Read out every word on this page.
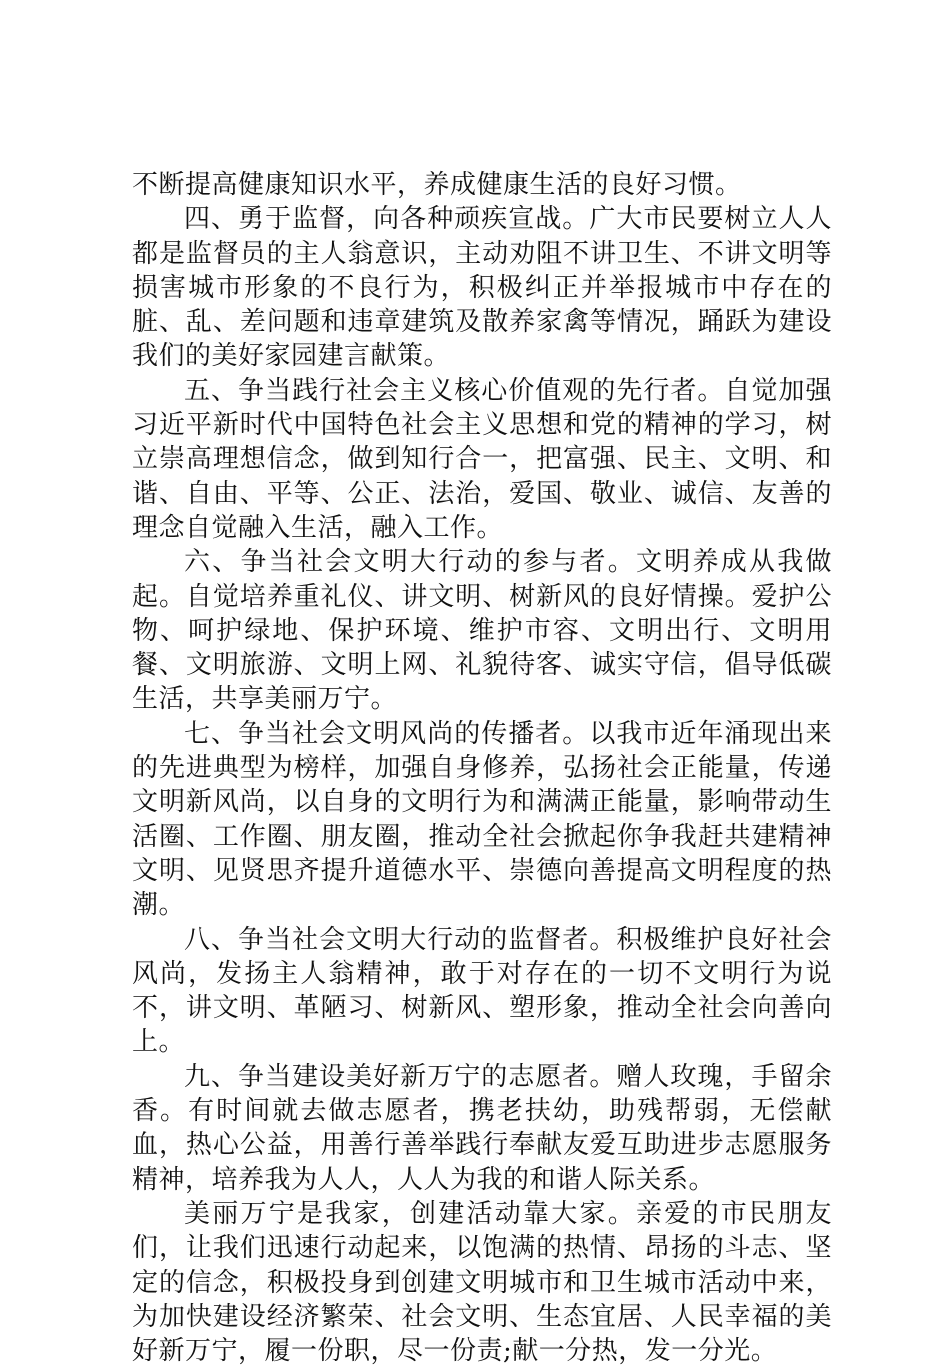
不断提高健康知识水平，养成健康生活的良好习惯。

四、勇于监督，向各种顽疾宣战。广大市民要树立人人都是监督员的主人翁意识，主动劝阻不讲卫生、不讲文明等损害城市形象的不良行为，积极纠正并举报城市中存在的脏、乱、差问题和违章建筑及散养家禽等情况，踊跃为建设我们的美好家园建言献策。

五、争当践行社会主义核心价值观的先行者。自觉加强习近平新时代中国特色社会主义思想和党的精神的学习，树立崇高理想信念，做到知行合一，把富强、民主、文明、和谐、自由、平等、公正、法治，爱国、敬业、诚信、友善的理念自觉融入生活，融入工作。

六、争当社会文明大行动的参与者。文明养成从我做起。自觉培养重礼仪、讲文明、树新风的良好情操。爱护公物、呵护绿地、保护环境、维护市容、文明出行、文明用餐、文明旅游、文明上网、礼貌待客、诚实守信，倡导低碳生活，共享美丽万宁。

七、争当社会文明风尚的传播者。以我市近年涌现出来的先进典型为榜样，加强自身修养，弘扬社会正能量，传递文明新风尚，以自身的文明行为和满满正能量，影响带动生活圈、工作圈、朋友圈，推动全社会掀起你争我赶共建精神文明、见贤思齐提升道德水平、崇德向善提高文明程度的热潮。

八、争当社会文明大行动的监督者。积极维护良好社会风尚，发扬主人翁精神，敢于对存在的一切不文明行为说不，讲文明、革陋习、树新风、塑形象，推动全社会向善向上。

九、争当建设美好新万宁的志愿者。赠人玫瑰，手留余香。有时间就去做志愿者，携老扶幼，助残帮弱，无偿献血，热心公益，用善行善举践行奉献友爱互助进步志愿服务精神，培养我为人人，人人为我的和谐人际关系。

美丽万宁是我家，创建活动靠大家。亲爱的市民朋友们，让我们迅速行动起来，以饱满的热情、昂扬的斗志、坚定的信念，积极投身到创建文明城市和卫生城市活动中来，为加快建设经济繁荣、社会文明、生态宜居、人民幸福的美好新万宁，履一份职，尽一份责;献一分热，发一分光。
